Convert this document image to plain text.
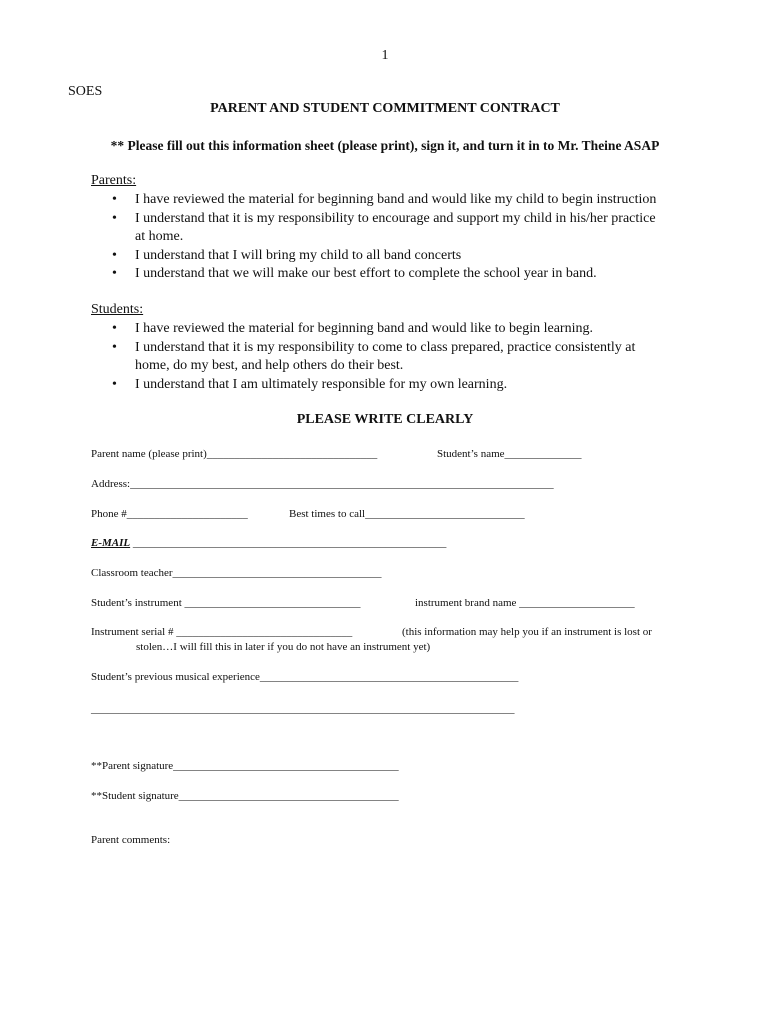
1
SOES
PARENT AND STUDENT COMMITMENT CONTRACT
** Please fill out this information sheet (please print), sign it, and turn it in to Mr. Theine ASAP
Parents:
• I have reviewed the material for beginning band and would like my child to begin instruction
• I understand that it is my responsibility to encourage and support my child in his/her practice
at home.
• I understand that I will bring my child to all band concerts
• I understand that we will make our best effort to complete the school year in band.
Students:
• I have reviewed the material for beginning band and would like to begin learning.
• I understand that it is my responsibility to come to class prepared, practice consistently at
home, do my best, and help others do their best.
• I understand that I am ultimately responsible for my own learning.
PLEASE WRITE CLEARLY
Parent name (please print)_______________________________	Student’s name______________
Address:_____________________________________________________________________________
Phone #______________________	Best times to call_____________________________
E-MAIL _________________________________________________________
Classroom teacher______________________________________
Student’s instrument ________________________________	instrument brand name _____________________
Instrument serial # ________________________________	(this information may help you if an instrument is lost or
stolen…I will fill this in later if you do not have an instrument yet)
Student’s previous musical experience_______________________________________________
_____________________________________________________________________________
**Parent signature_________________________________________
**Student signature________________________________________
Parent comments:
